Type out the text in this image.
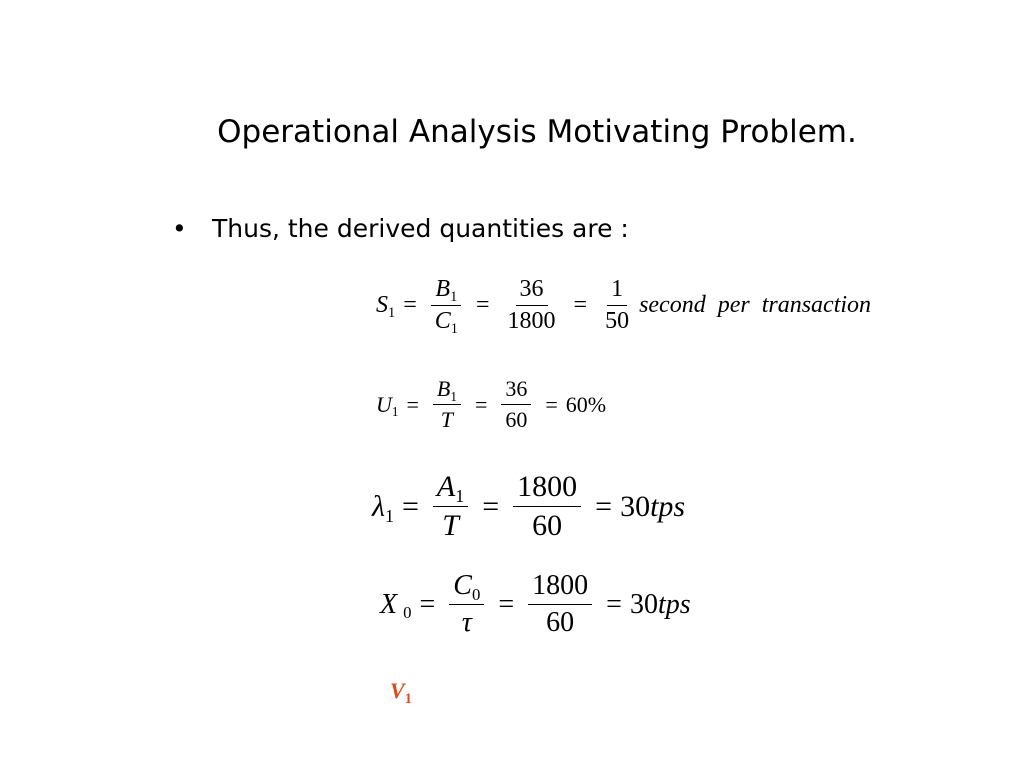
Operational Analysis Motivating Problem.
• Thus, the derived quantities are :
$S_1 = \frac{B_1}{C_1} = \frac{36}{1800} = \frac{1}{50}$ second  per  transaction
$U_1 = \frac{B_1}{T} = \frac{36}{60} = 60\%$
$\lambda_1 = \frac{A_1}{T} = \frac{1800}{60} = 30$ tps
X $_0 = \frac{C_0}{\tau} = \frac{1800}{60} = 30$ tps
$V_1$
